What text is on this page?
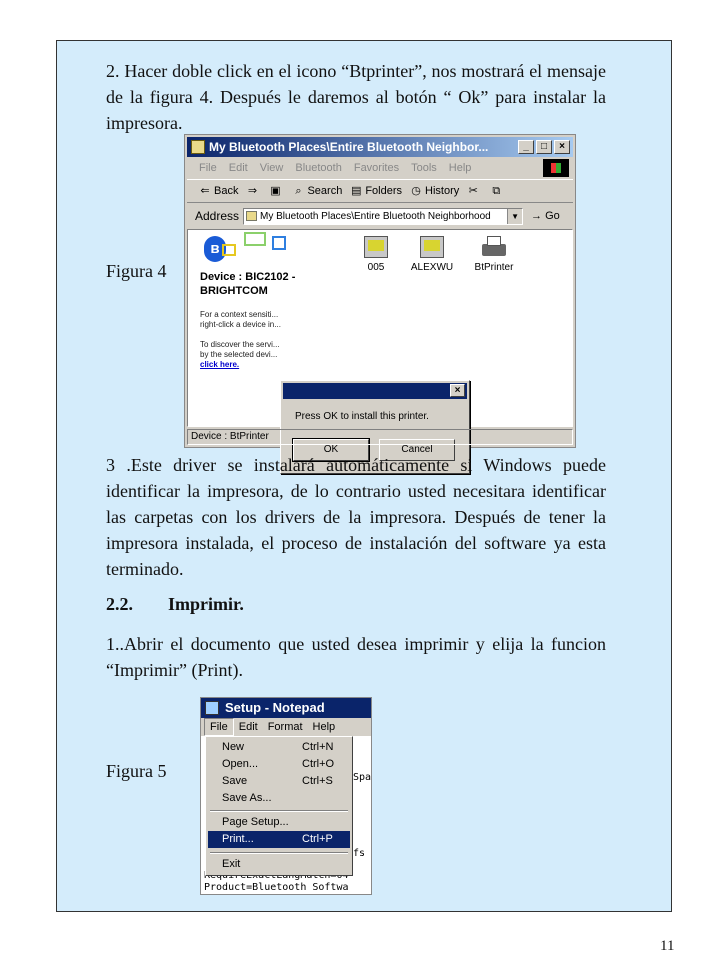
2. Hacer doble click en el icono “Btprinter”, nos mostrará el mensaje de la figura 4. Después le daremos al botón “ Ok” para instalar la impresora.
Figura 4
My Bluetooth Places\Entire Bluetooth Neighbor...	_	□	×
File Edit View Bluetooth Favorites Tools Help
⇐ Back ⇒ ▣ ⌕ Search ▤ Folders ◷ History ✂ ⧉
Address	My Bluetooth Places\Entire Bluetooth Neighborhood	▼ → Go
ʙ
Device : BIC2102 - BRIGHTCOM
For a context sensiti... right-click a device in...

To discover the servi... by the selected devi...
click here.
005	ALEXWU	BtPrinter
×
Press OK to install this printer.
OK	Cancel
Device : BtPrinter
3 .Este driver se instalará automáticamente si Windows puede identificar la impresora, de lo contrario usted necesitara identificar las carpetas con los drivers de la impresora. Después de tener la impresora instalada, el proceso de instalación del software ya esta terminado.
2.2. Imprimir.
1..Abrir el documento que usted desea imprimir y elija la funcion “Imprimir” (Print).
Figura 5
Setup - Notepad
File	Edit Format Help
Spa
fs
Product=Bluetooth Softwa
New	Ctrl+N
Open...	Ctrl+O
Save	Ctrl+S
Save As...
Page Setup...
Print...	Ctrl+P
Exit
11
